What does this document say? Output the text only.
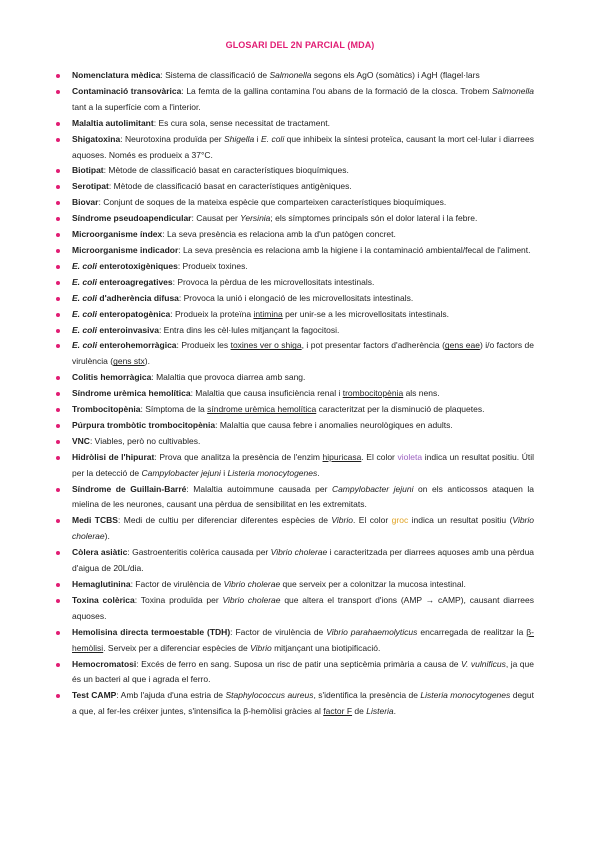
GLOSARI DEL 2N PARCIAL (MDA)
Nomenclatura mèdica: Sistema de classificació de Salmonella segons els AgO (somàtics) i AgH (flagel·lars
Contaminació transovàrica: La femta de la gallina contamina l'ou abans de la formació de la closca. Trobem Salmonella tant a la superfície com a l'interior.
Malaltia autolimitant: Es cura sola, sense necessitat de tractament.
Shigatoxina: Neurotoxina produïda per Shigella i E. coli que inhibeix la síntesi proteïca, causant la mort cel·lular i diarrees aquoses. Només es produeix a 37°C.
Biotipat: Mètode de classificació basat en característiques bioquímiques.
Serotipat: Mètode de classificació basat en característiques antigèniques.
Biovar: Conjunt de soques de la mateixa espècie que comparteixen característiques bioquímiques.
Síndrome pseudoapendicular: Causat per Yersinia; els símptomes principals són el dolor lateral i la febre.
Microorganisme índex: La seva presència es relaciona amb la d'un patògen concret.
Microorganisme indicador: La seva presència es relaciona amb la higiene i la contaminació ambiental/fecal de l'aliment.
E. coli enterotoxigèniques: Produeix toxines.
E. coli enteroagregatives: Provoca la pèrdua de les microvellositats intestinals.
E. coli d'adherència difusa: Provoca la unió i elongació de les microvellositats intestinals.
E. coli enteropatogènica: Produeix la proteïna intimina per unir-se a les microvellositats intestinals.
E. coli enteroinvasiva: Entra dins les cèl·lules mitjançant la fagocitosi.
E. coli enterohemorràgica: Produeix les toxines ver o shiga, i pot presentar factors d'adherència (gens eae) i/o factors de virulència (gens stx).
Colitis hemorràgica: Malaltia que provoca diarrea amb sang.
Síndrome urèmica hemolítica: Malaltia que causa insuficiència renal i trombocitopènia als nens.
Trombocitopènia: Símptoma de la síndrome urèmica hemolítica caracteritzat per la disminució de plaquetes.
Púrpura trombòtic trombocitopènia: Malaltia que causa febre i anomalies neurològiques en adults.
VNC: Viables, però no cultivables.
Hidròlisi de l'hipurat: Prova que analitza la presència de l'enzim hipuricasa. El color violeta indica un resultat positiu. Útil per la detecció de Campylobacter jejuni i Listeria monocytogenes.
Síndrome de Guillain-Barré: Malaltia autoimmune causada per Campylobacter jejuni on els anticossos ataquen la mielina de les neurones, causant una pèrdua de sensibilitat en les extremitats.
Medi TCBS: Medi de cultiu per diferenciar diferentes espècies de Vibrio. El color groc indica un resultat positiu (Vibrio cholerae).
Còlera asiàtic: Gastroenteritis colèrica causada per Vibrio cholerae i caracteritzada per diarrees aquoses amb una pèrdua d'aigua de 20L/dia.
Hemaglutinina: Factor de virulència de Vibrio cholerae que serveix per a colonitzar la mucosa intestinal.
Toxina colèrica: Toxina produïda per Vibrio cholerae que altera el transport d'ions (AMP → cAMP), causant diarrees aquoses.
Hemolisina directa termoestable (TDH): Factor de virulència de Vibrio parahaemolyticus encarregada de realitzar la β-hemòlisi. Serveix per a diferenciar espècies de Vibrio mitjançant una biotipificació.
Hemocromatosi: Excés de ferro en sang. Suposa un risc de patir una septicèmia primària a causa de V. vulnificus, ja que és un bacteri al que i agrada el ferro.
Test CAMP: Amb l'ajuda d'una estria de Staphylococcus aureus, s'identifica la presència de Listeria monocytogenes degut a que, al fer-les créixer juntes, s'intensifica la β-hemòlisi gràcies al factor F de Listeria.
